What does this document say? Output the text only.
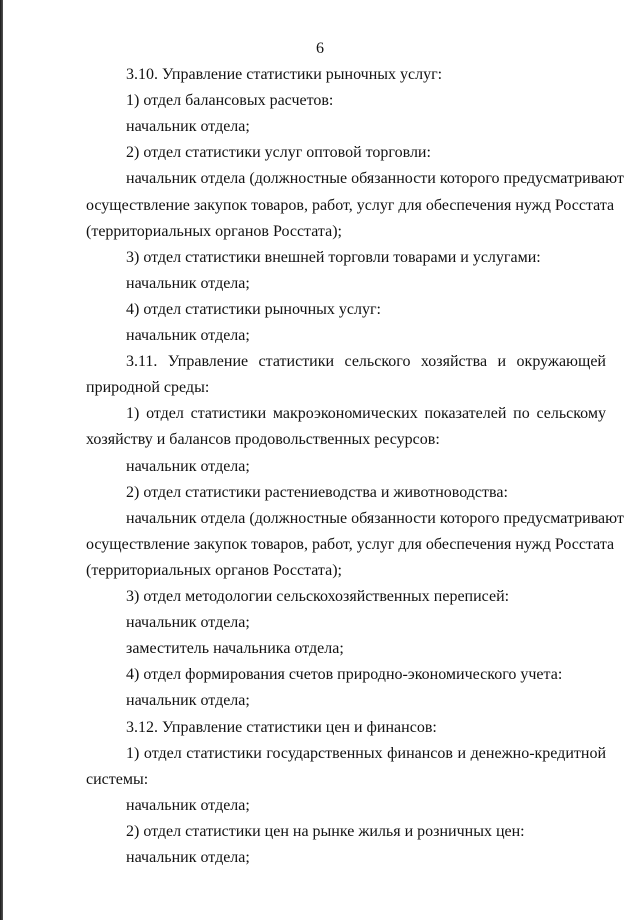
6
3.10. Управление статистики рыночных услуг:
1) отдел балансовых расчетов:
начальник отдела;
2) отдел статистики услуг оптовой торговли:
начальник отдела (должностные обязанности которого предусматривают
осуществление закупок товаров, работ, услуг для обеспечения нужд Росстата
(территориальных органов Росстата);
3) отдел статистики внешней торговли товарами и услугами:
начальник отдела;
4) отдел статистики рыночных услуг:
начальник отдела;
3.11. Управление статистики сельского хозяйства и окружающей
природной среды:
1) отдел статистики макроэкономических показателей по сельскому
хозяйству и балансов продовольственных ресурсов:
начальник отдела;
2) отдел статистики растениеводства и животноводства:
начальник отдела (должностные обязанности которого предусматривают
осуществление закупок товаров, работ, услуг для обеспечения нужд Росстата
(территориальных органов Росстата);
3) отдел методологии сельскохозяйственных переписей:
начальник отдела;
заместитель начальника отдела;
4) отдел формирования счетов природно-экономического учета:
начальник отдела;
3.12. Управление статистики цен и финансов:
1) отдел статистики государственных финансов и денежно-кредитной
системы:
начальник отдела;
2) отдел статистики цен на рынке жилья и розничных цен:
начальник отдела;
